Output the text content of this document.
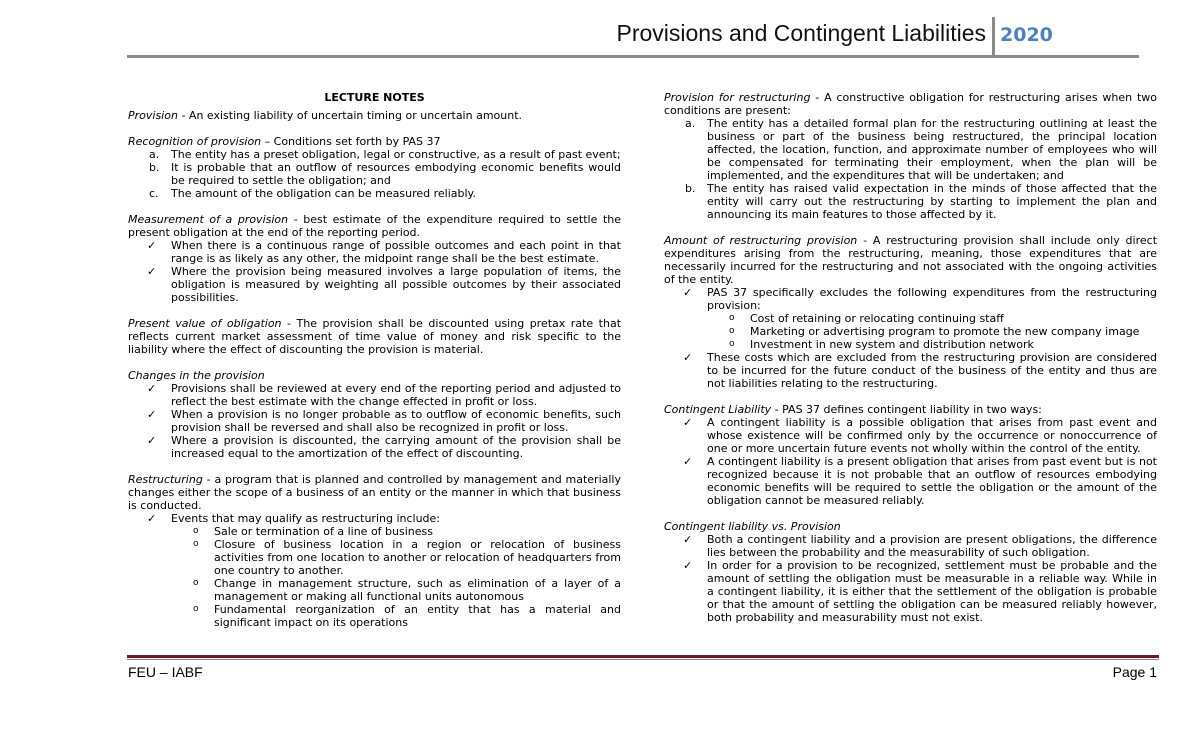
Provisions and Contingent Liabilities 2020

LECTURE NOTES

Provision - An existing liability of uncertain timing or uncertain amount.

Recognition of provision – Conditions set forth by PAS 37

a. The entity has a preset obligation, legal or constructive, as a result of past event;
b. It is probable that an outflow of resources embodying economic benefits would be required to settle the obligation; and
c. The amount of the obligation can be measured reliably.

Measurement of a provision - best estimate of the expenditure required to settle the present obligation at the end of the reporting period.

✓ When there is a continuous range of possible outcomes and each point in that range is as likely as any other, the midpoint range shall be the best estimate.
✓ Where the provision being measured involves a large population of items, the obligation is measured by weighting all possible outcomes by their associated possibilities.

Present value of obligation - The provision shall be discounted using pretax rate that reflects current market assessment of time value of money and risk specific to the liability where the effect of discounting the provision is material.

Changes in the provision

✓ Provisions shall be reviewed at every end of the reporting period and adjusted to reflect the best estimate with the change effected in profit or loss.
✓ When a provision is no longer probable as to outflow of economic benefits, such provision shall be reversed and shall also be recognized in profit or loss.
✓ Where a provision is discounted, the carrying amount of the provision shall be increased equal to the amortization of the effect of discounting.

Restructuring - a program that is planned and controlled by management and materially changes either the scope of a business of an entity or the manner in which that business is conducted.

✓ Events that may qualify as restructuring include:
o Sale or termination of a line of business
o Closure of business location in a region or relocation of business activities from one location to another or relocation of headquarters from one country to another.
o Change in management structure, such as elimination of a layer of a management or making all functional units autonomous
o Fundamental reorganization of an entity that has a material and significant impact on its operations

Provision for restructuring - A constructive obligation for restructuring arises when two conditions are present:

a. The entity has a detailed formal plan for the restructuring outlining at least the business or part of the business being restructured, the principal location affected, the location, function, and approximate number of employees who will be compensated for terminating their employment, when the plan will be implemented, and the expenditures that will be undertaken; and
b. The entity has raised valid expectation in the minds of those affected that the entity will carry out the restructuring by starting to implement the plan and announcing its main features to those affected by it.

Amount of restructuring provision - A restructuring provision shall include only direct expenditures arising from the restructuring, meaning, those expenditures that are necessarily incurred for the restructuring and not associated with the ongoing activities of the entity.

✓ PAS 37 specifically excludes the following expenditures from the restructuring provision:
o Cost of retaining or relocating continuing staff
o Marketing or advertising program to promote the new company image
o Investment in new system and distribution network
✓ These costs which are excluded from the restructuring provision are considered to be incurred for the future conduct of the business of the entity and thus are not liabilities relating to the restructuring.

Contingent Liability - PAS 37 defines contingent liability in two ways:

✓ A contingent liability is a possible obligation that arises from past event and whose existence will be confirmed only by the occurrence or nonoccurrence of one or more uncertain future events not wholly within the control of the entity.
✓ A contingent liability is a present obligation that arises from past event but is not recognized because it is not probable that an outflow of resources embodying economic benefits will be required to settle the obligation or the amount of the obligation cannot be measured reliably.

Contingent liability vs. Provision

✓ Both a contingent liability and a provision are present obligations, the difference lies between the probability and the measurability of such obligation.
✓ In order for a provision to be recognized, settlement must be probable and the amount of settling the obligation must be measurable in a reliable way. While in a contingent liability, it is either that the settlement of the obligation is probable or that the amount of settling the obligation can be measured reliably however, both probability and measurability must not exist.
FEU – IABF	Page 1
